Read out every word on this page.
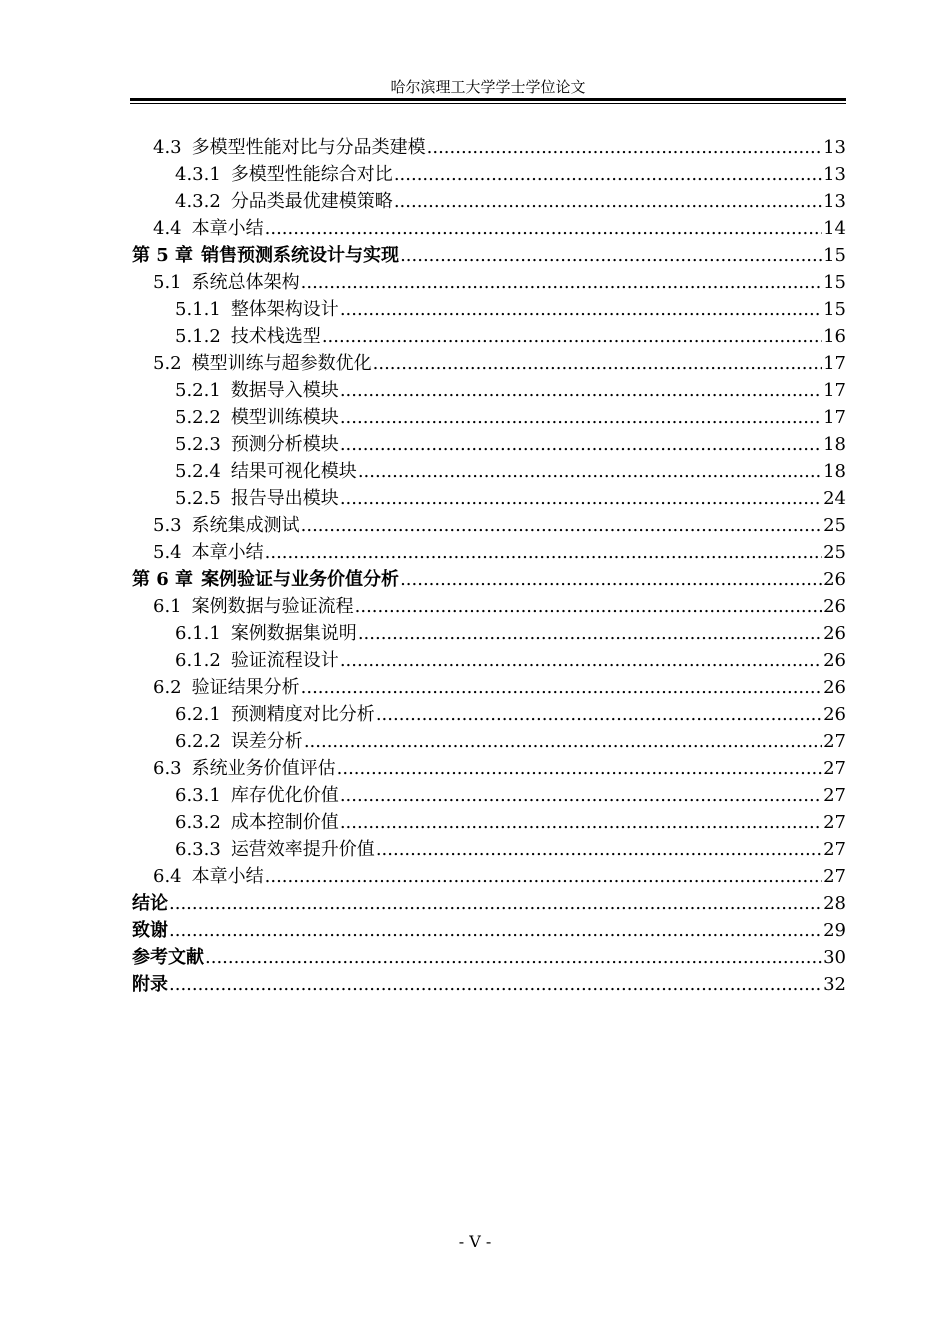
哈尔滨理工大学学士学位论文
4.3 多模型性能对比与分品类建模 .....	13
4.3.1 多模型性能综合对比 .....	13
4.3.2 分品类最优建模策略 .....	13
4.4 本章小结 .....	14
第 5 章 销售预测系统设计与实现 .....	15
5.1 系统总体架构 .....	15
5.1.1 整体架构设计 .....	15
5.1.2 技术栈选型 .....	16
5.2 模型训练与超参数优化 .....	17
5.2.1 数据导入模块 .....	17
5.2.2 模型训练模块 .....	17
5.2.3 预测分析模块 .....	18
5.2.4 结果可视化模块 .....	18
5.2.5 报告导出模块 .....	24
5.3 系统集成测试 .....	25
5.4 本章小结 .....	25
第 6 章 案例验证与业务价值分析 .....	26
6.1 案例数据与验证流程 .....	26
6.1.1 案例数据集说明 .....	26
6.1.2 验证流程设计 .....	26
6.2 验证结果分析 .....	26
6.2.1 预测精度对比分析 .....	26
6.2.2 误差分析 .....	27
6.3 系统业务价值评估 .....	27
6.3.1 库存优化价值 .....	27
6.3.2 成本控制价值 .....	27
6.3.3 运营效率提升价值 .....	27
6.4 本章小结 .....	27
结论 .....	28
致谢 .....	29
参考文献 .....	30
附录 .....	32
- V -
